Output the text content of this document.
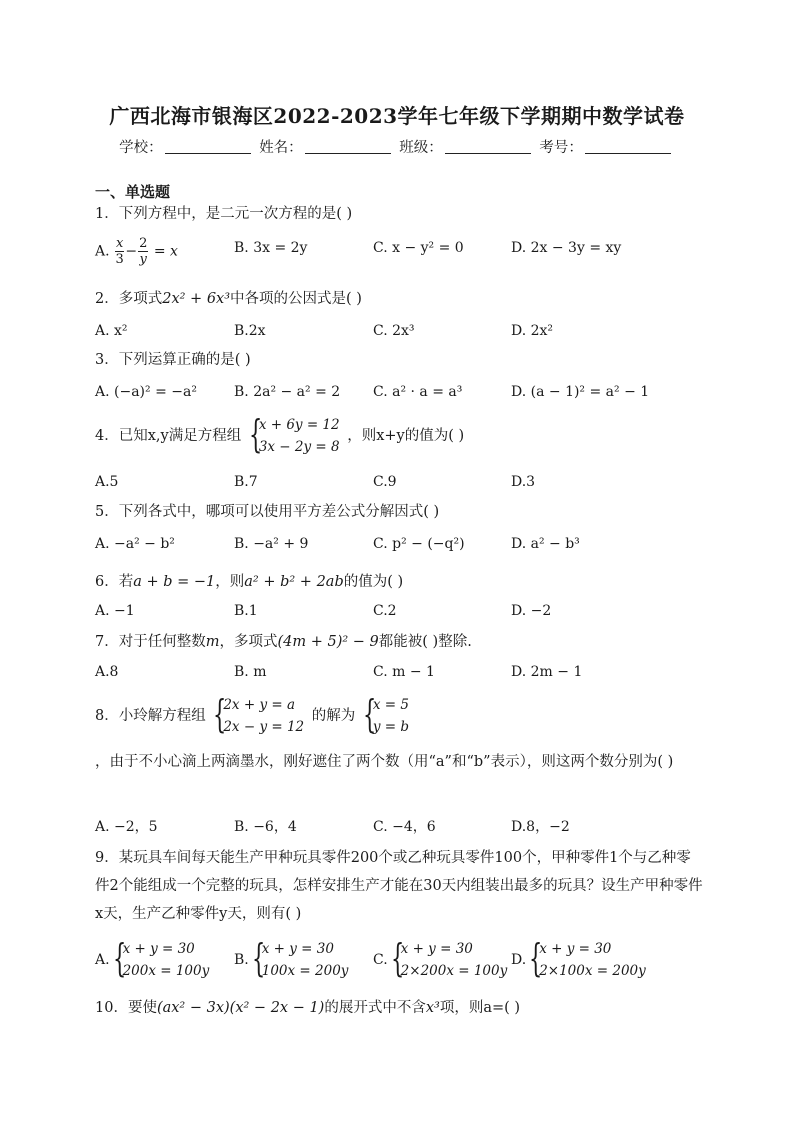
广西北海市银海区2022-2023学年七年级下学期期中数学试卷
学校：	姓名：	班级：	考号：
一、单选题
1．下列方程中，是二元一次方程的是( )
A. $\frac{x}{3} - \frac{2}{y} = x$	B. 3x = 2y	C. x − y² = 0	D. 2x − 3y = xy
2．多项式2x² + 6x³中各项的公因式是( )
A. x²	B.2x	C. 2x³	D. 2x²
3．下列运算正确的是( )
A. (−a)² = −a²	B. 2a² − a² = 2 C. a² · a = a³	D. (a − 1)² = a² − 1
4．已知x,y满足方程组 {
x + 6y = 12
3x − 2y = 8
，则x+y的值为( )
A.5	B.7	C.9	D.3
5．下列各式中，哪项可以使用平方差公式分解因式( )
A. −a² − b²	B. −a² + 9	C. p² − (−q²)	D. a² − b³
6．若a + b = −1，则a² + b² + 2ab的值为( )
A. −1	B.1	C.2	D. −2
7．对于任何整数m，多项式(4m + 5)² − 9都能被( )整除.
A.8	B. m	C. m − 1	D. 2m − 1
8．小玲解方程组 {
2x + y = a
2x − y = 12
的解为 {
x = 5
y = b
，由于不小心滴上两滴墨水，刚好遮住了两个数（用“a”和“b”表示），则这两个数分别为( )
A. −2，5	B. −6，4	C. −4，6	D.8，−2
9．某玩具车间每天能生产甲种玩具零件200个或乙种玩具零件100个，甲种零件1个与乙种零件2个能组成一个完整的玩具，怎样安排生产才能在30天内组装出最多的玩具？设生产甲种零件x天，生产乙种零件y天，则有( )
A. {
x + y = 30
200x = 100y
B. {
x + y = 30
100x = 200y
C. {
x + y = 30
2×200x = 100y
D. {
x + y = 30
2×100x = 200y
10．要使(ax² − 3x)(x² − 2x − 1)的展开式中不含x³项，则a=( )
